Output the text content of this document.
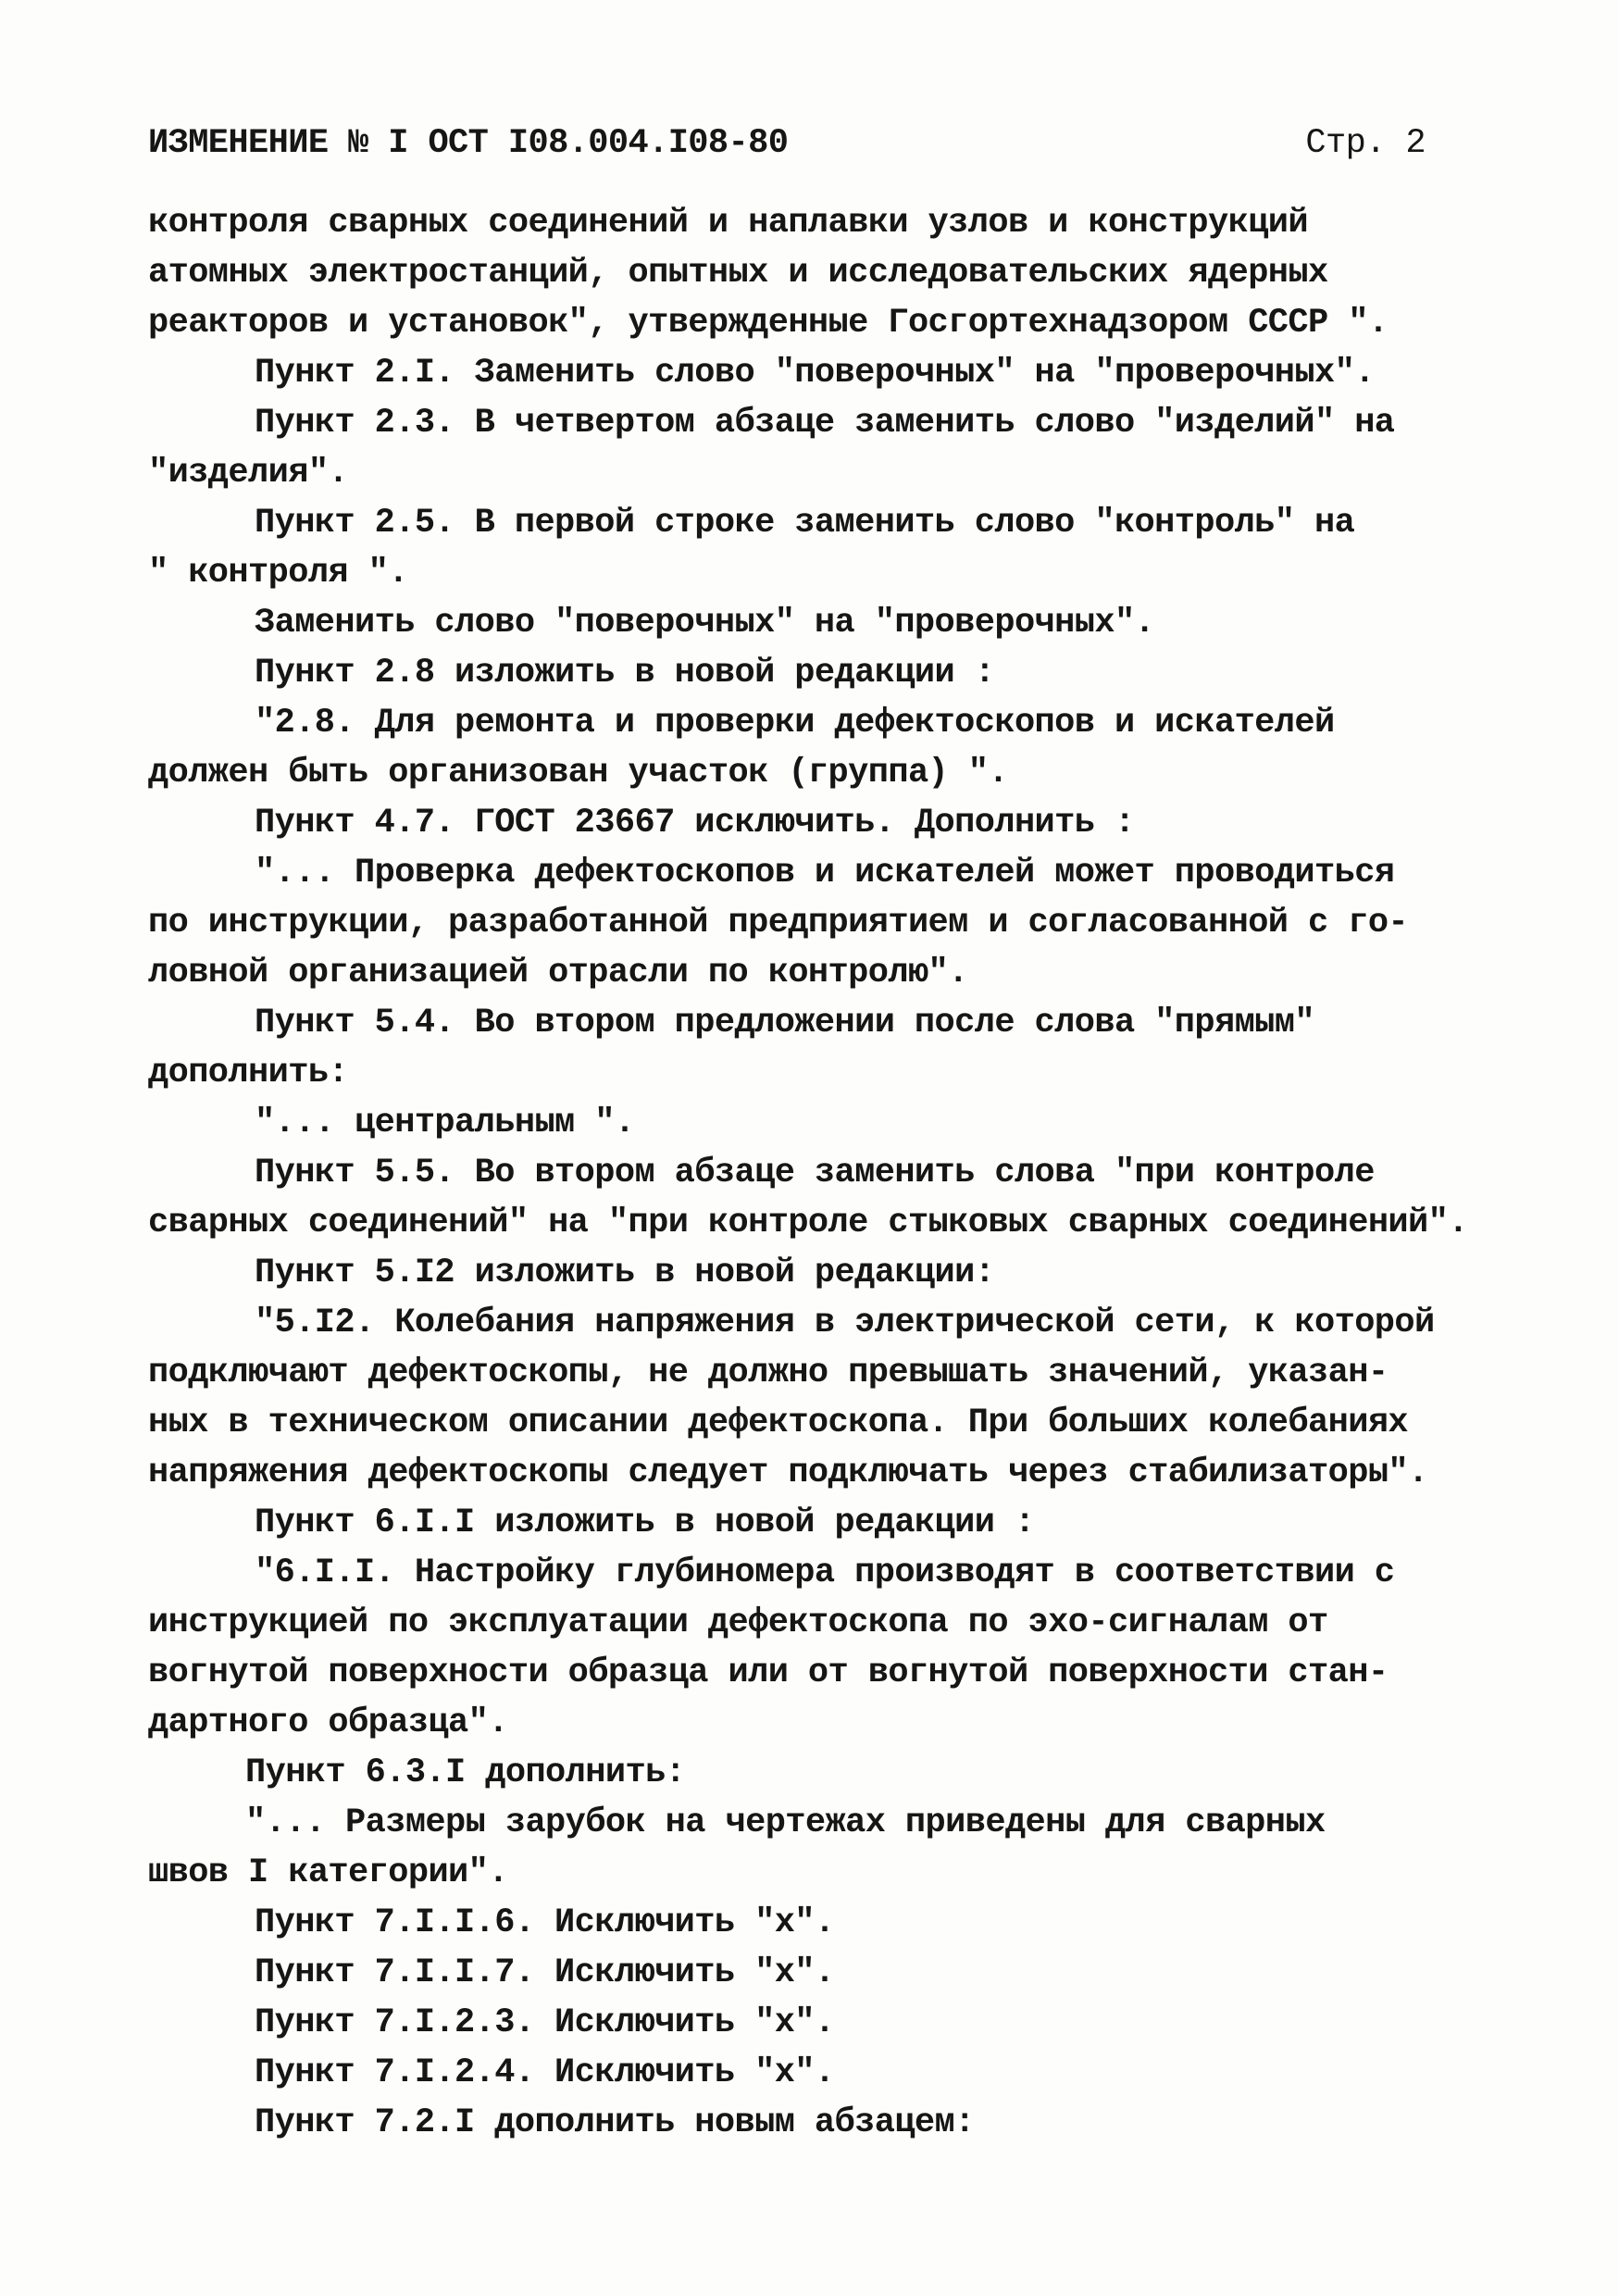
ИЗМЕНЕНИЕ № I ОСТ I08.004.I08-80	Стр. 2
контроля сварных соединений и наплавки узлов и конструкций
атомных электростанций, опытных и исследовательских ядерных
реакторов и установок", утвержденные Госгортехнадзором СССР ".
Пункт 2.I. Заменить слово "поверочных" на "проверочных".
Пункт 2.3. В четвертом абзаце заменить слово "изделий" на
"изделия".
Пункт 2.5. В первой строке заменить слово "контроль" на
" контроля ".
Заменить слово "поверочных" на "проверочных".
Пункт 2.8 изложить в новой редакции :
"2.8. Для ремонта и проверки дефектоскопов и искателей
должен быть организован участок (группа) ".
Пункт 4.7. ГОСТ 23667 исключить. Дополнить :
"... Проверка дефектоскопов и искателей может проводиться
по инструкции, разработанной предприятием и согласованной с го-
ловной организацией отрасли по контролю".
Пункт 5.4. Во втором предложении после слова "прямым"
дополнить:
"... центральным ".
Пункт 5.5. Во втором абзаце заменить слова "при контроле
сварных соединений" на "при контроле стыковых сварных соединений".
Пункт 5.I2 изложить в новой редакции:
"5.I2. Колебания напряжения в электрической сети, к которой
подключают дефектоскопы, не должно превышать значений, указан-
ных в техническом описании дефектоскопа. При больших колебаниях
напряжения дефектоскопы следует подключать через стабилизаторы".
Пункт 6.I.I изложить в новой редакции :
"6.I.I. Настройку глубиномера производят в соответствии с
инструкцией по эксплуатации дефектоскопа по эхо-сигналам от
вогнутой поверхности образца или от вогнутой поверхности стан-
дартного образца".
Пункт 6.3.I дополнить:
"... Размеры зарубок на чертежах приведены для сварных
швов I категории".
Пункт 7.I.I.6. Исключить "х".
Пункт 7.I.I.7. Исключить "х".
Пункт 7.I.2.3. Исключить "х".
Пункт 7.I.2.4. Исключить "х".
Пункт 7.2.I дополнить новым абзацем:
